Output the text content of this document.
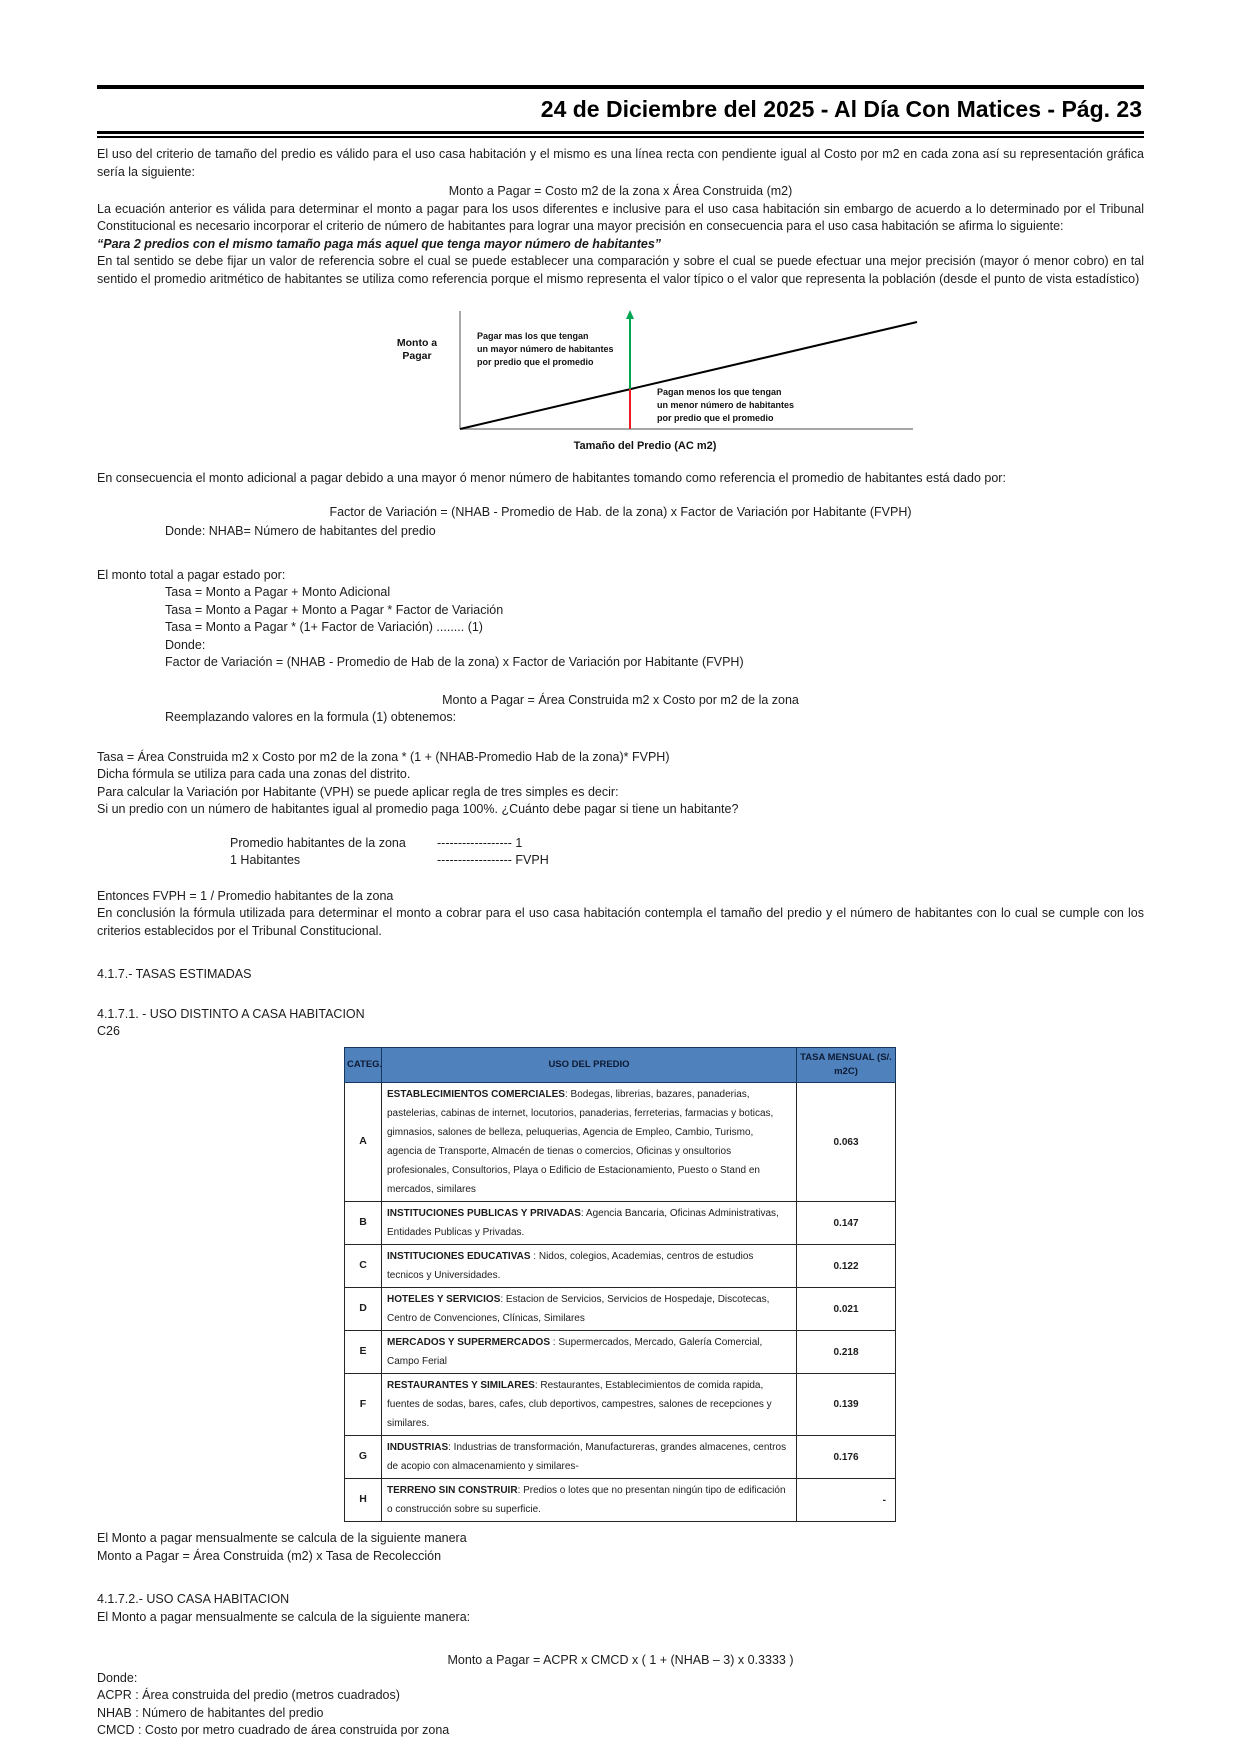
24 de Diciembre del 2025 - Al Día Con Matices - Pág. 23

El uso del criterio de tamaño del predio es válido para el uso casa habitación y el mismo es una línea recta con pendiente igual al Costo por m2 en cada zona así su representación gráfica sería la siguiente:

Monto a Pagar = Costo m2 de la zona x Área Construida (m2)

La ecuación anterior es válida para determinar el monto a pagar para los usos diferentes e inclusive para el uso casa habitación sin embargo de acuerdo a lo determinado por el Tribunal Constitucional es necesario incorporar el criterio de número de habitantes para lograr una mayor precisión en consecuencia para el uso casa habitación se afirma lo siguiente:

“Para 2 predios con el mismo tamaño paga más aquel que tenga mayor número de habitantes”

En tal sentido se debe fijar un valor de referencia sobre el cual se puede establecer una comparación y sobre el cual se puede efectuar una mejor precisión (mayor ó menor cobro) en tal sentido el promedio aritmético de habitantes se utiliza como referencia porque el mismo representa el valor típico o el valor que representa la población (desde el punto de vista estadístico)

Monto a
Pagar
Pagar mas los que tengan
un mayor número de habitantes
por predio que el promedio
Pagan menos los que tengan
un menor número de habitantes
por predio que el promedio
Tamaño del Predio (AC m2)

En consecuencia el monto adicional a pagar debido a una mayor ó menor número de habitantes tomando como referencia el promedio de habitantes está dado por:

Factor de Variación = (NHAB - Promedio de Hab. de la zona) x Factor de Variación por Habitante (FVPH)

Donde: NHAB= Número de habitantes del predio

El monto total a pagar estado por:

Tasa = Monto a Pagar + Monto Adicional

Tasa = Monto a Pagar + Monto a Pagar * Factor de Variación

Tasa = Monto a Pagar * (1+ Factor de Variación) ........ (1)

Donde:

Factor de Variación = (NHAB - Promedio de Hab de la zona) x Factor de Variación por Habitante (FVPH)

Monto a Pagar = Área Construida m2 x Costo por m2 de la zona

Reemplazando valores en la formula (1) obtenemos:

Tasa = Área Construida m2 x Costo por m2 de la zona * (1 + (NHAB-Promedio Hab de la zona)* FVPH)

Dicha fórmula se utiliza para cada una zonas del distrito.

Para calcular la Variación por Habitante (VPH) se puede aplicar regla de tres simples es decir:

Si un predio con un número de habitantes igual al promedio paga 100%. ¿Cuánto debe pagar si tiene un habitante?

Promedio habitantes de la zona	------------------ 1
1 Habitantes	------------------ FVPH

Entonces FVPH = 1 / Promedio habitantes de la zona

En conclusión la fórmula utilizada para determinar el monto a cobrar para el uso casa habitación contempla el tamaño del predio y el número de habitantes con lo cual se cumple con los criterios establecidos por el Tribunal Constitucional.

4.1.7.- TASAS ESTIMADAS

4.1.7.1. - USO DISTINTO A CASA HABITACION

C26

CATEG.	USO DEL PREDIO	TASA MENSUAL (S/. m2C)
A	ESTABLECIMIENTOS COMERCIALES: Bodegas, librerias, bazares, panaderias, pastelerias, cabinas de internet, locutorios, panaderias, ferreterias, farmacias y boticas, gimnasios, salones de belleza, peluquerias, Agencia de Empleo, Cambio, Turismo, agencia de Transporte, Almacén de tienas o comercios, Oficinas y onsultorios profesionales, Consultorios, Playa o Edificio de Estacionamiento, Puesto o Stand en mercados, similares	0.063
B	INSTITUCIONES PUBLICAS Y PRIVADAS: Agencia Bancaria, Oficinas Administrativas, Entidades Publicas y Privadas.	0.147
C	INSTITUCIONES EDUCATIVAS : Nidos, colegios, Academias, centros de estudios tecnicos y Universidades.	0.122
D	HOTELES Y SERVICIOS: Estacion de Servicios, Servicios de Hospedaje, Discotecas, Centro de Convenciones, Clínicas, Similares	0.021
E	MERCADOS Y SUPERMERCADOS : Supermercados, Mercado, Galería Comercial, Campo Ferial	0.218
F	RESTAURANTES Y SIMILARES: Restaurantes, Establecimientos de comida rapida, fuentes de sodas, bares, cafes, club deportivos, campestres, salones de recepciones y similares.	0.139
G	INDUSTRIAS: Industrias de transformación, Manufactureras, grandes almacenes, centros de acopio con almacenamiento y similares-	0.176
H	TERRENO SIN CONSTRUIR: Predios o lotes que no presentan ningún tipo de edificación o construcción sobre su superficie.	-

El Monto a pagar mensualmente se calcula de la siguiente manera

Monto a Pagar = Área Construida (m2) x Tasa de Recolección

4.1.7.2.- USO CASA HABITACION

El Monto a pagar mensualmente se calcula de la siguiente manera:

Monto a Pagar = ACPR x CMCD x ( 1 + (NHAB – 3) x 0.3333 )

Donde:

ACPR : Área construida del predio (metros cuadrados)

NHAB : Número de habitantes del predio

CMCD : Costo por metro cuadrado de área construida por zona
